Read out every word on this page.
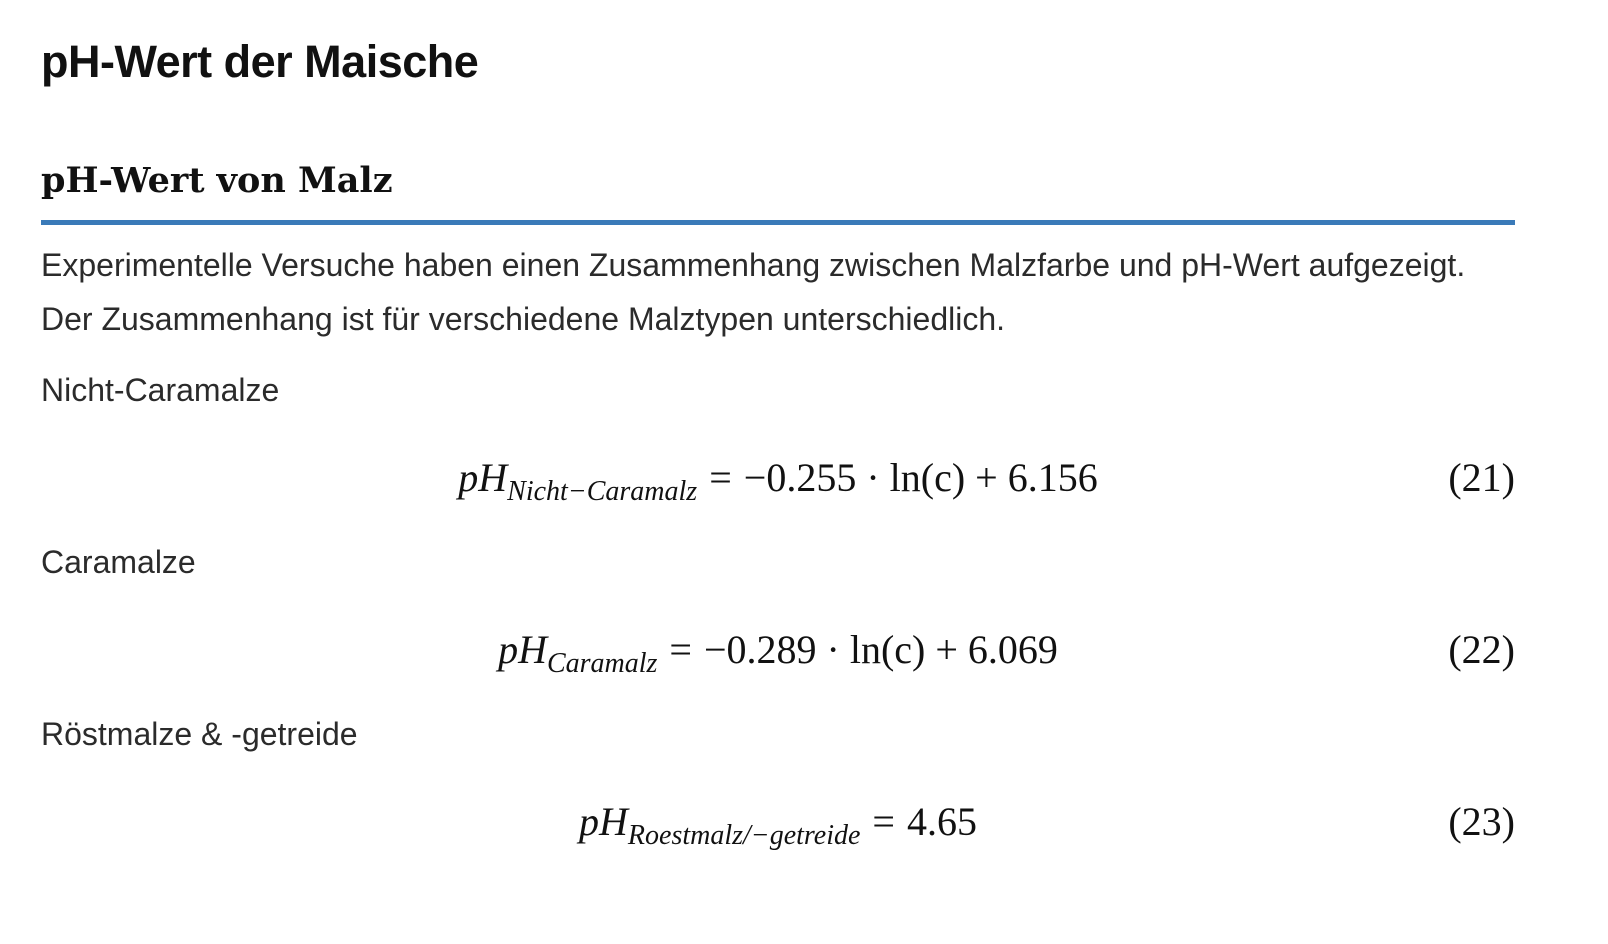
pH-Wert der Maische
pH-Wert von Malz

Experimentelle Versuche haben einen Zusammenhang zwischen Malzfarbe und pH-Wert aufgezeigt. Der Zusammenhang ist für verschiedene Malztypen unterschiedlich.

Nicht-Caramalze

$pH_{Nicht-Caramalz} = -0.255 \cdot \ln(c) + 6.156$	(21)

Caramalze

$pH_{Caramalz} = -0.289 \cdot \ln(c) + 6.069$	(22)

Röstmalze & -getreide

$pH_{Roestmalz/-getreide} = 4.65$	(23)
